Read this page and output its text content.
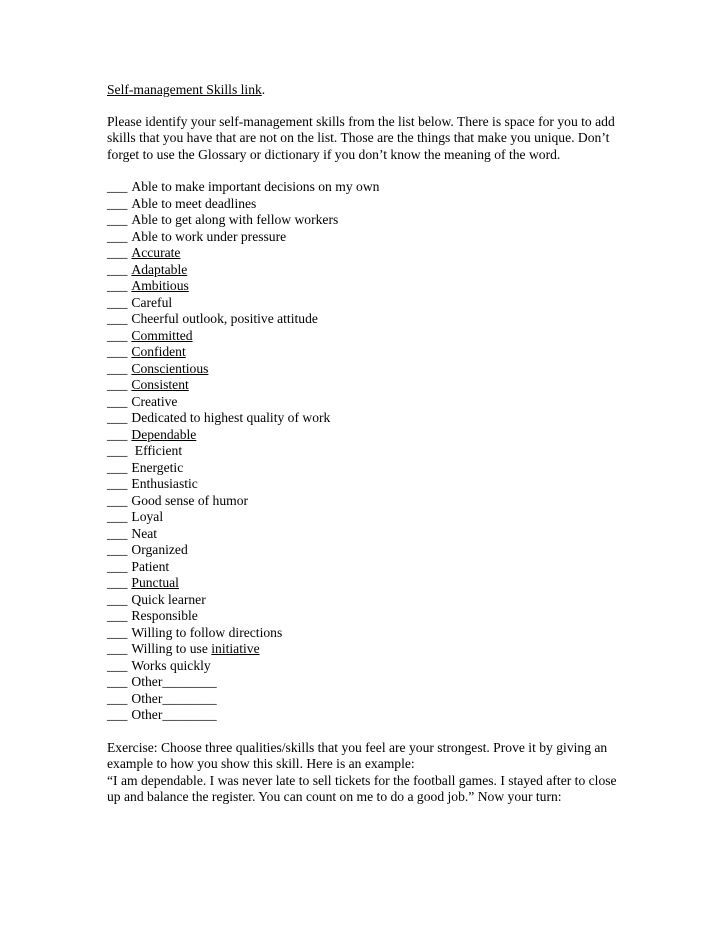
Self-management Skills link.

Please identify your self-management skills from the list below. There is space for you to add skills that you have that are not on the list. Those are the things that make you unique. Don’t forget to use the Glossary or dictionary if you don’t know the meaning of the word.

___ Able to make important decisions on my own
___ Able to meet deadlines
___ Able to get along with fellow workers
___ Able to work under pressure
___ Accurate
___ Adaptable
___ Ambitious
___ Careful
___ Cheerful outlook, positive attitude
___ Committed
___ Confident
___ Conscientious
___ Consistent
___ Creative
___ Dedicated to highest quality of work
___ Dependable
___ Efficient
___ Energetic
___ Enthusiastic
___ Good sense of humor
___ Loyal
___ Neat
___ Organized
___ Patient
___ Punctual
___ Quick learner
___ Responsible
___ Willing to follow directions
___ Willing to use initiative
___ Works quickly
___ Other________
___ Other________
___ Other________

Exercise: Choose three qualities/skills that you feel are your strongest. Prove it by giving an example to how you show this skill. Here is an example:

“I am dependable. I was never late to sell tickets for the football games. I stayed after to close up and balance the register. You can count on me to do a good job.” Now your turn:
